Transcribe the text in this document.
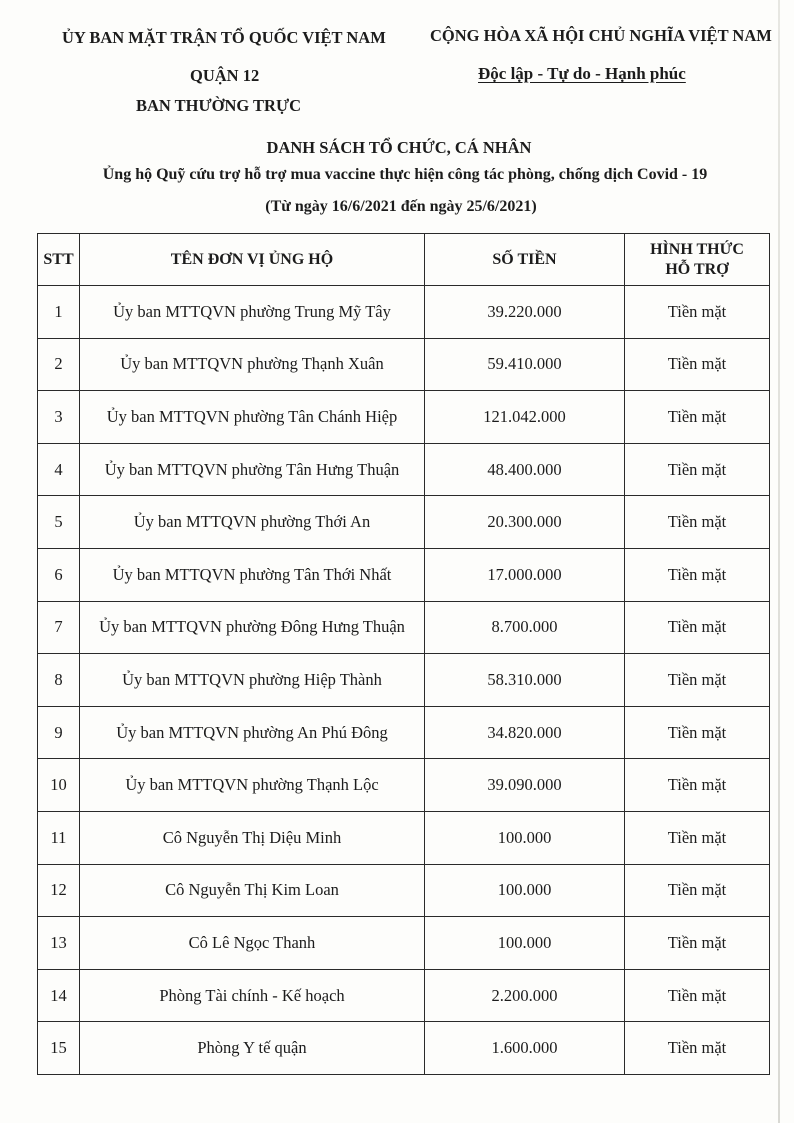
ỦY BAN MẶT TRẬN TỔ QUỐC VIỆT NAM
QUẬN 12
BAN THƯỜNG TRỰC
CỘNG HÒA XÃ HỘI CHỦ NGHĨA VIỆT NAM
Độc lập - Tự do - Hạnh phúc
DANH SÁCH TỔ CHỨC, CÁ NHÂN
Ủng hộ Quỹ cứu trợ hỗ trợ mua vaccine thực hiện công tác phòng, chống dịch Covid - 19
(Từ ngày 16/6/2021 đến ngày 25/6/2021)
STT	TÊN ĐƠN VỊ ỦNG HỘ	SỐ TIỀN	HÌNH THỨC
HỖ TRỢ

1	Ủy ban MTTQVN phường Trung Mỹ Tây	39.220.000	Tiền mặt
2	Ủy ban MTTQVN phường Thạnh Xuân	59.410.000	Tiền mặt
3	Ủy ban MTTQVN phường Tân Chánh Hiệp	121.042.000	Tiền mặt
4	Ủy ban MTTQVN phường Tân Hưng Thuận	48.400.000	Tiền mặt
5	Ủy ban MTTQVN phường Thới An	20.300.000	Tiền mặt
6	Ủy ban MTTQVN phường Tân Thới Nhất	17.000.000	Tiền mặt
7	Ủy ban MTTQVN phường Đông Hưng Thuận	8.700.000	Tiền mặt
8	Ủy ban MTTQVN phường Hiệp Thành	58.310.000	Tiền mặt
9	Ủy ban MTTQVN phường An Phú Đông	34.820.000	Tiền mặt
10	Ủy ban MTTQVN phường Thạnh Lộc	39.090.000	Tiền mặt
11	Cô Nguyễn Thị Diệu Minh	100.000	Tiền mặt
12	Cô Nguyễn Thị Kim Loan	100.000	Tiền mặt
13	Cô Lê Ngọc Thanh	100.000	Tiền mặt
14	Phòng Tài chính - Kế hoạch	2.200.000	Tiền mặt
15	Phòng Y tế quận	1.600.000	Tiền mặt
